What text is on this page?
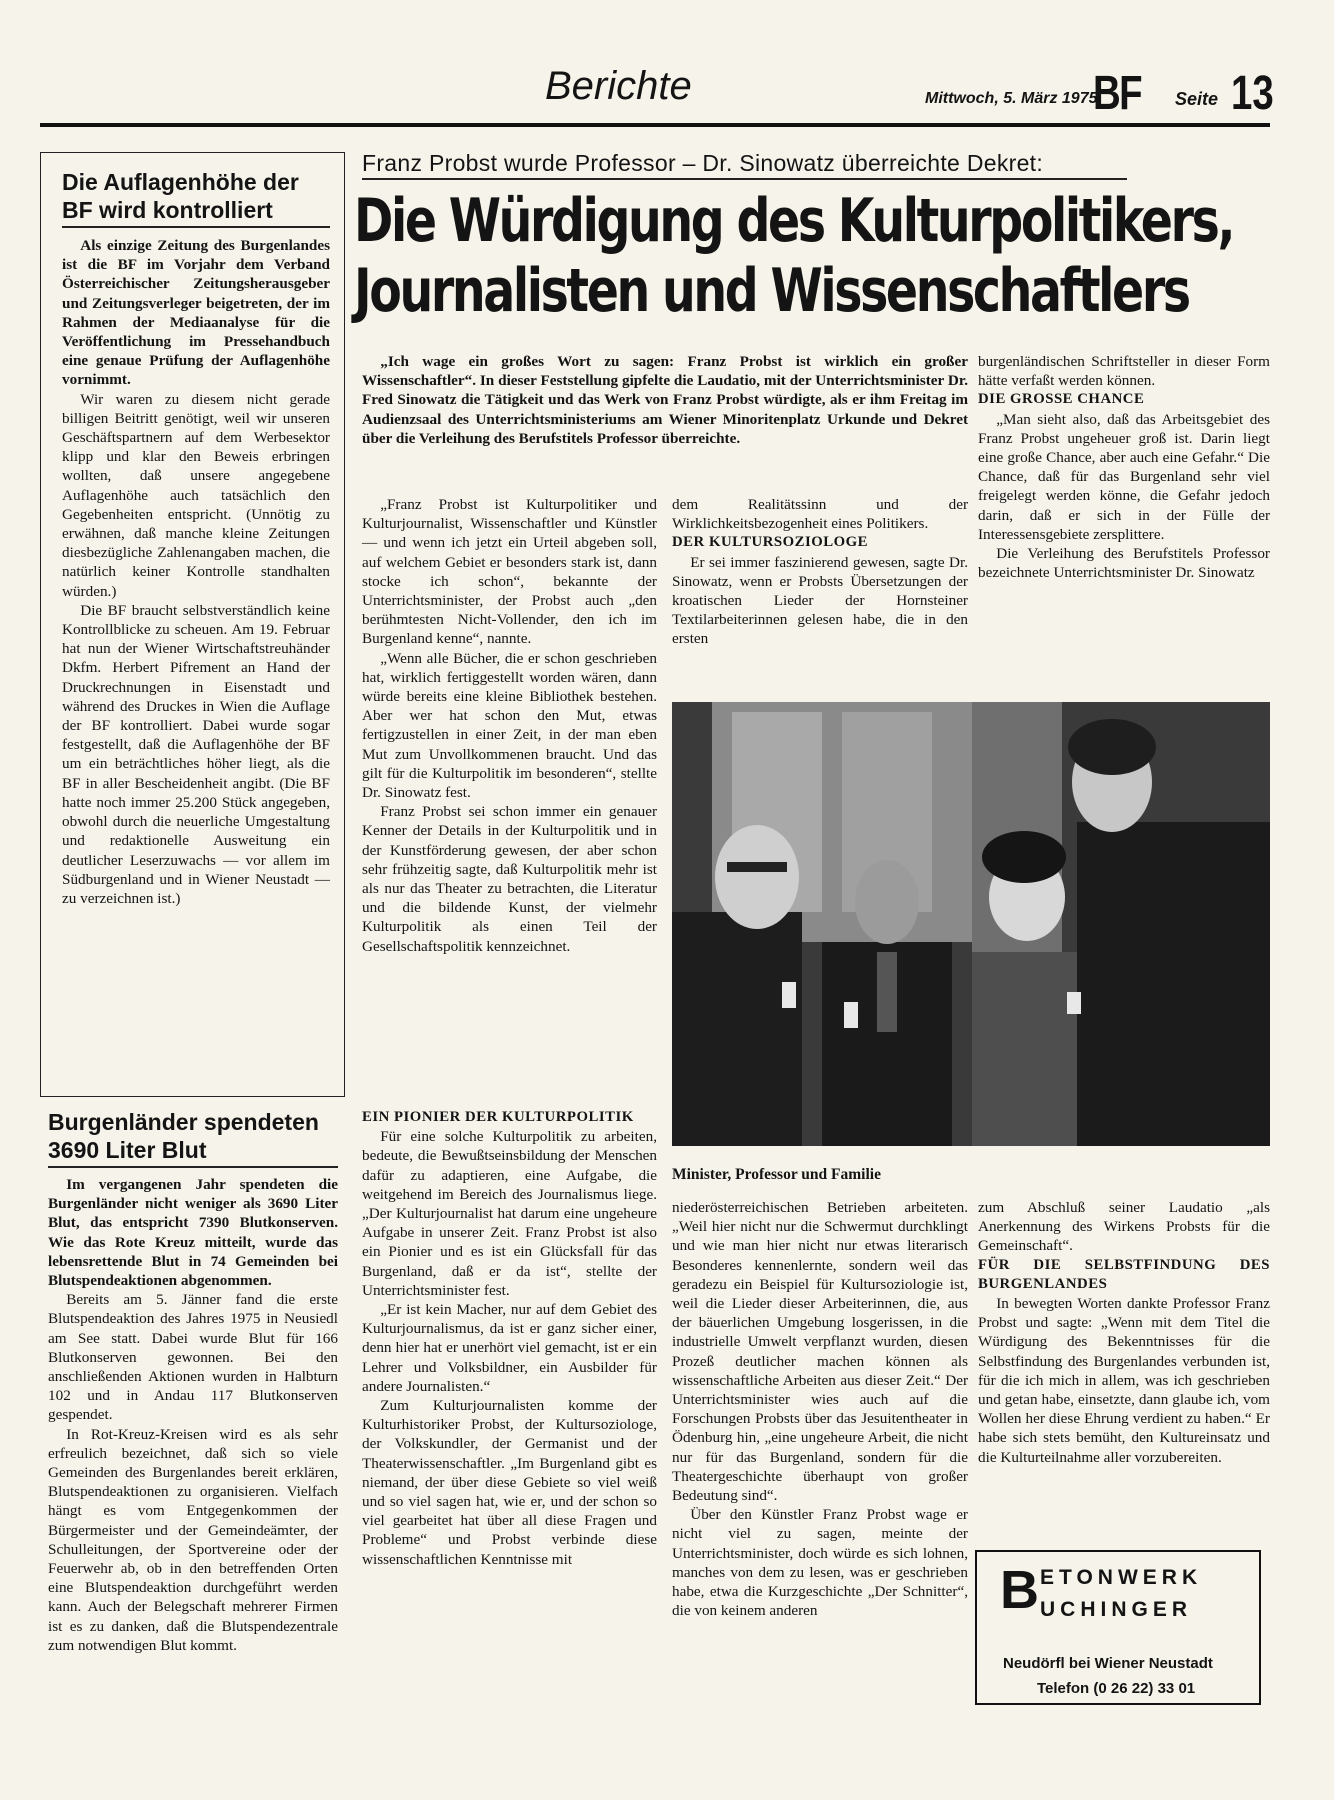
Berichte	Mittwoch, 5. März 1975
BF Seite 13
Die Auflagenhöhe der BF wird kontrolliert

Als einzige Zeitung des Burgenlandes ist die BF im Vorjahr dem Verband Österreichischer Zeitungsherausgeber und Zeitungsverleger beigetreten, der im Rahmen der Mediaanalyse für die Veröffentlichung im Pressehandbuch eine genaue Prüfung der Auflagenhöhe vornimmt.

Wir waren zu diesem nicht gerade billigen Beitritt genötigt, weil wir unseren Geschäftspartnern auf dem Werbesektor klipp und klar den Beweis erbringen wollten, daß unsere angegebene Auflagenhöhe auch tatsächlich den Gegebenheiten entspricht. (Unnötig zu erwähnen, daß manche kleine Zeitungen diesbezügliche Zahlenangaben machen, die natürlich keiner Kontrolle standhalten würden.)

Die BF braucht selbstverständlich keine Kontrollblicke zu scheuen. Am 19. Februar hat nun der Wiener Wirtschaftstreuhänder Dkfm. Herbert Pifrement an Hand der Druckrechnungen in Eisenstadt und während des Druckes in Wien die Auflage der BF kontrolliert. Dabei wurde sogar festgestellt, daß die Auflagenhöhe der BF um ein beträchtliches höher liegt, als die BF in aller Bescheidenheit angibt. (Die BF hatte noch immer 25.200 Stück angegeben, obwohl durch die neuerliche Umgestaltung und redaktionelle Ausweitung ein deutlicher Leserzuwachs — vor allem im Südburgenland und in Wiener Neustadt — zu verzeichnen ist.)

Burgenländer spendeten 3690 Liter Blut

Im vergangenen Jahr spendeten die Burgenländer nicht weniger als 3690 Liter Blut, das entspricht 7390 Blutkonserven. Wie das Rote Kreuz mitteilt, wurde das lebensrettende Blut in 74 Gemeinden bei Blutspendeaktionen abgenommen.

Bereits am 5. Jänner fand die erste Blutspendeaktion des Jahres 1975 in Neusiedl am See statt. Dabei wurde Blut für 166 Blutkonserven gewonnen. Bei den anschließenden Aktionen wurden in Halbturn 102 und in Andau 117 Blutkonserven gespendet.

In Rot-Kreuz-Kreisen wird es als sehr erfreulich bezeichnet, daß sich so viele Gemeinden des Burgenlandes bereit erklären, Blutspendeaktionen zu organisieren. Vielfach hängt es vom Entgegenkommen der Bürgermeister und der Gemeindeämter, der Schulleitungen, der Sportvereine oder der Feuerwehr ab, ob in den betreffenden Orten eine Blutspendeaktion durchgeführt werden kann. Auch der Belegschaft mehrerer Firmen ist es zu danken, daß die Blutspendezentrale zum notwendigen Blut kommt.

Franz Probst wurde Professor – Dr. Sinowatz überreichte Dekret:
Die Würdigung des Kulturpolitikers,
Journalisten und Wissenschaftlers

„Ich wage ein großes Wort zu sagen: Franz Probst ist wirklich ein großer Wissenschaftler“. In dieser Feststellung gipfelte die Laudatio, mit der Unterrichtsminister Dr. Fred Sinowatz die Tätigkeit und das Werk von Franz Probst würdigte, als er ihm Freitag im Audienzsaal des Unterrichtsministeriums am Wiener Minoritenplatz Urkunde und Dekret über die Verleihung des Berufstitels Professor überreichte.

„Franz Probst ist Kulturpolitiker und Kulturjournalist, Wissenschaftler und Künstler — und wenn ich jetzt ein Urteil abgeben soll, auf welchem Gebiet er besonders stark ist, dann stocke ich schon“, bekannte der Unterrichtsminister, der Probst auch „den berühmtesten Nicht-Vollender, den ich im Burgenland kenne“, nannte.

„Wenn alle Bücher, die er schon geschrieben hat, wirklich fertiggestellt worden wären, dann würde bereits eine kleine Bibliothek bestehen. Aber wer hat schon den Mut, etwas fertigzustellen in einer Zeit, in der man eben Mut zum Unvollkommenen braucht. Und das gilt für die Kulturpolitik im besonderen“, stellte Dr. Sinowatz fest.

Franz Probst sei schon immer ein genauer Kenner der Details in der Kulturpolitik und in der Kunstförderung gewesen, der aber schon sehr frühzeitig sagte, daß Kulturpolitik mehr ist als nur das Theater zu betrachten, die Literatur und die bildende Kunst, der vielmehr Kulturpolitik als einen Teil der Gesellschaftspolitik kennzeichnet.

dem Realitätssinn und der Wirklichkeitsbezogenheit eines Politikers.

DER KULTURSOZIOLOGE

Er sei immer faszinierend gewesen, sagte Dr. Sinowatz, wenn er Probsts Übersetzungen der kroatischen Lieder der Hornsteiner Textilarbeiterinnen gelesen habe, die in den ersten

burgenländischen Schriftsteller in dieser Form hätte verfaßt werden können.

DIE GROSSE CHANCE

„Man sieht also, daß das Arbeitsgebiet des Franz Probst ungeheuer groß ist. Darin liegt eine große Chance, aber auch eine Gefahr.“ Die Chance, daß für das Burgenland sehr viel freigelegt werden könne, die Gefahr jedoch darin, daß er sich in der Fülle der Interessensgebiete zersplittere.

Die Verleihung des Berufstitels Professor bezeichnete Unterrichtsminister Dr. Sinowatz

Minister, Professor und Familie

EIN PIONIER DER KULTURPOLITIK

Für eine solche Kulturpolitik zu arbeiten, bedeute, die Bewußtseinsbildung der Menschen dafür zu adaptieren, eine Aufgabe, die weitgehend im Bereich des Journalismus liege. „Der Kulturjournalist hat darum eine ungeheure Aufgabe in unserer Zeit. Franz Probst ist also ein Pionier und es ist ein Glücksfall für das Burgenland, daß er da ist“, stellte der Unterrichtsminister fest.

„Er ist kein Macher, nur auf dem Gebiet des Kulturjournalismus, da ist er ganz sicher einer, denn hier hat er unerhört viel gemacht, ist er ein Lehrer und Volksbildner, ein Ausbilder für andere Journalisten.“

Zum Kulturjournalisten komme der Kulturhistoriker Probst, der Kultursoziologe, der Volkskundler, der Germanist und der Theaterwissenschaftler. „Im Burgenland gibt es niemand, der über diese Gebiete so viel weiß und so viel sagen hat, wie er, und der schon so viel gearbeitet hat über all diese Fragen und Probleme“ und Probst verbinde diese wissenschaftlichen Kenntnisse mit

niederösterreichischen Betrieben arbeiteten. „Weil hier nicht nur die Schwermut durchklingt und wie man hier nicht nur etwas literarisch Besonderes kennenlernte, sondern weil das geradezu ein Beispiel für Kultursoziologie ist, weil die Lieder dieser Arbeiterinnen, die, aus der bäuerlichen Umgebung losgerissen, in die industrielle Umwelt verpflanzt wurden, diesen Prozeß deutlicher machen können als wissenschaftliche Arbeiten aus dieser Zeit.“ Der Unterrichtsminister wies auch auf die Forschungen Probsts über das Jesuitentheater in Ödenburg hin, „eine ungeheure Arbeit, die nicht nur für das Burgenland, sondern für die Theatergeschichte überhaupt von großer Bedeutung sind“.

Über den Künstler Franz Probst wage er nicht viel zu sagen, meinte der Unterrichtsminister, doch würde es sich lohnen, manches von dem zu lesen, was er geschrieben habe, etwa die Kurzgeschichte „Der Schnitter“, die von keinem anderen

zum Abschluß seiner Laudatio „als Anerkennung des Wirkens Probsts für die Gemeinschaft“.

FÜR DIE SELBSTFINDUNG DES BURGENLANDES

In bewegten Worten dankte Professor Franz Probst und sagte: „Wenn mit dem Titel die Würdigung des Bekenntnisses für die Selbstfindung des Burgenlandes verbunden ist, für die ich mich in allem, was ich geschrieben und getan habe, einsetzte, dann glaube ich, vom Wollen her diese Ehrung verdient zu haben.“ Er habe sich stets bemüht, den Kultureinsatz und die Kulturteilnahme aller vorzubereiten.

B ETONWERK
UCHINGER
Neudörfl bei Wiener Neustadt
Telefon (0 26 22) 33 01
